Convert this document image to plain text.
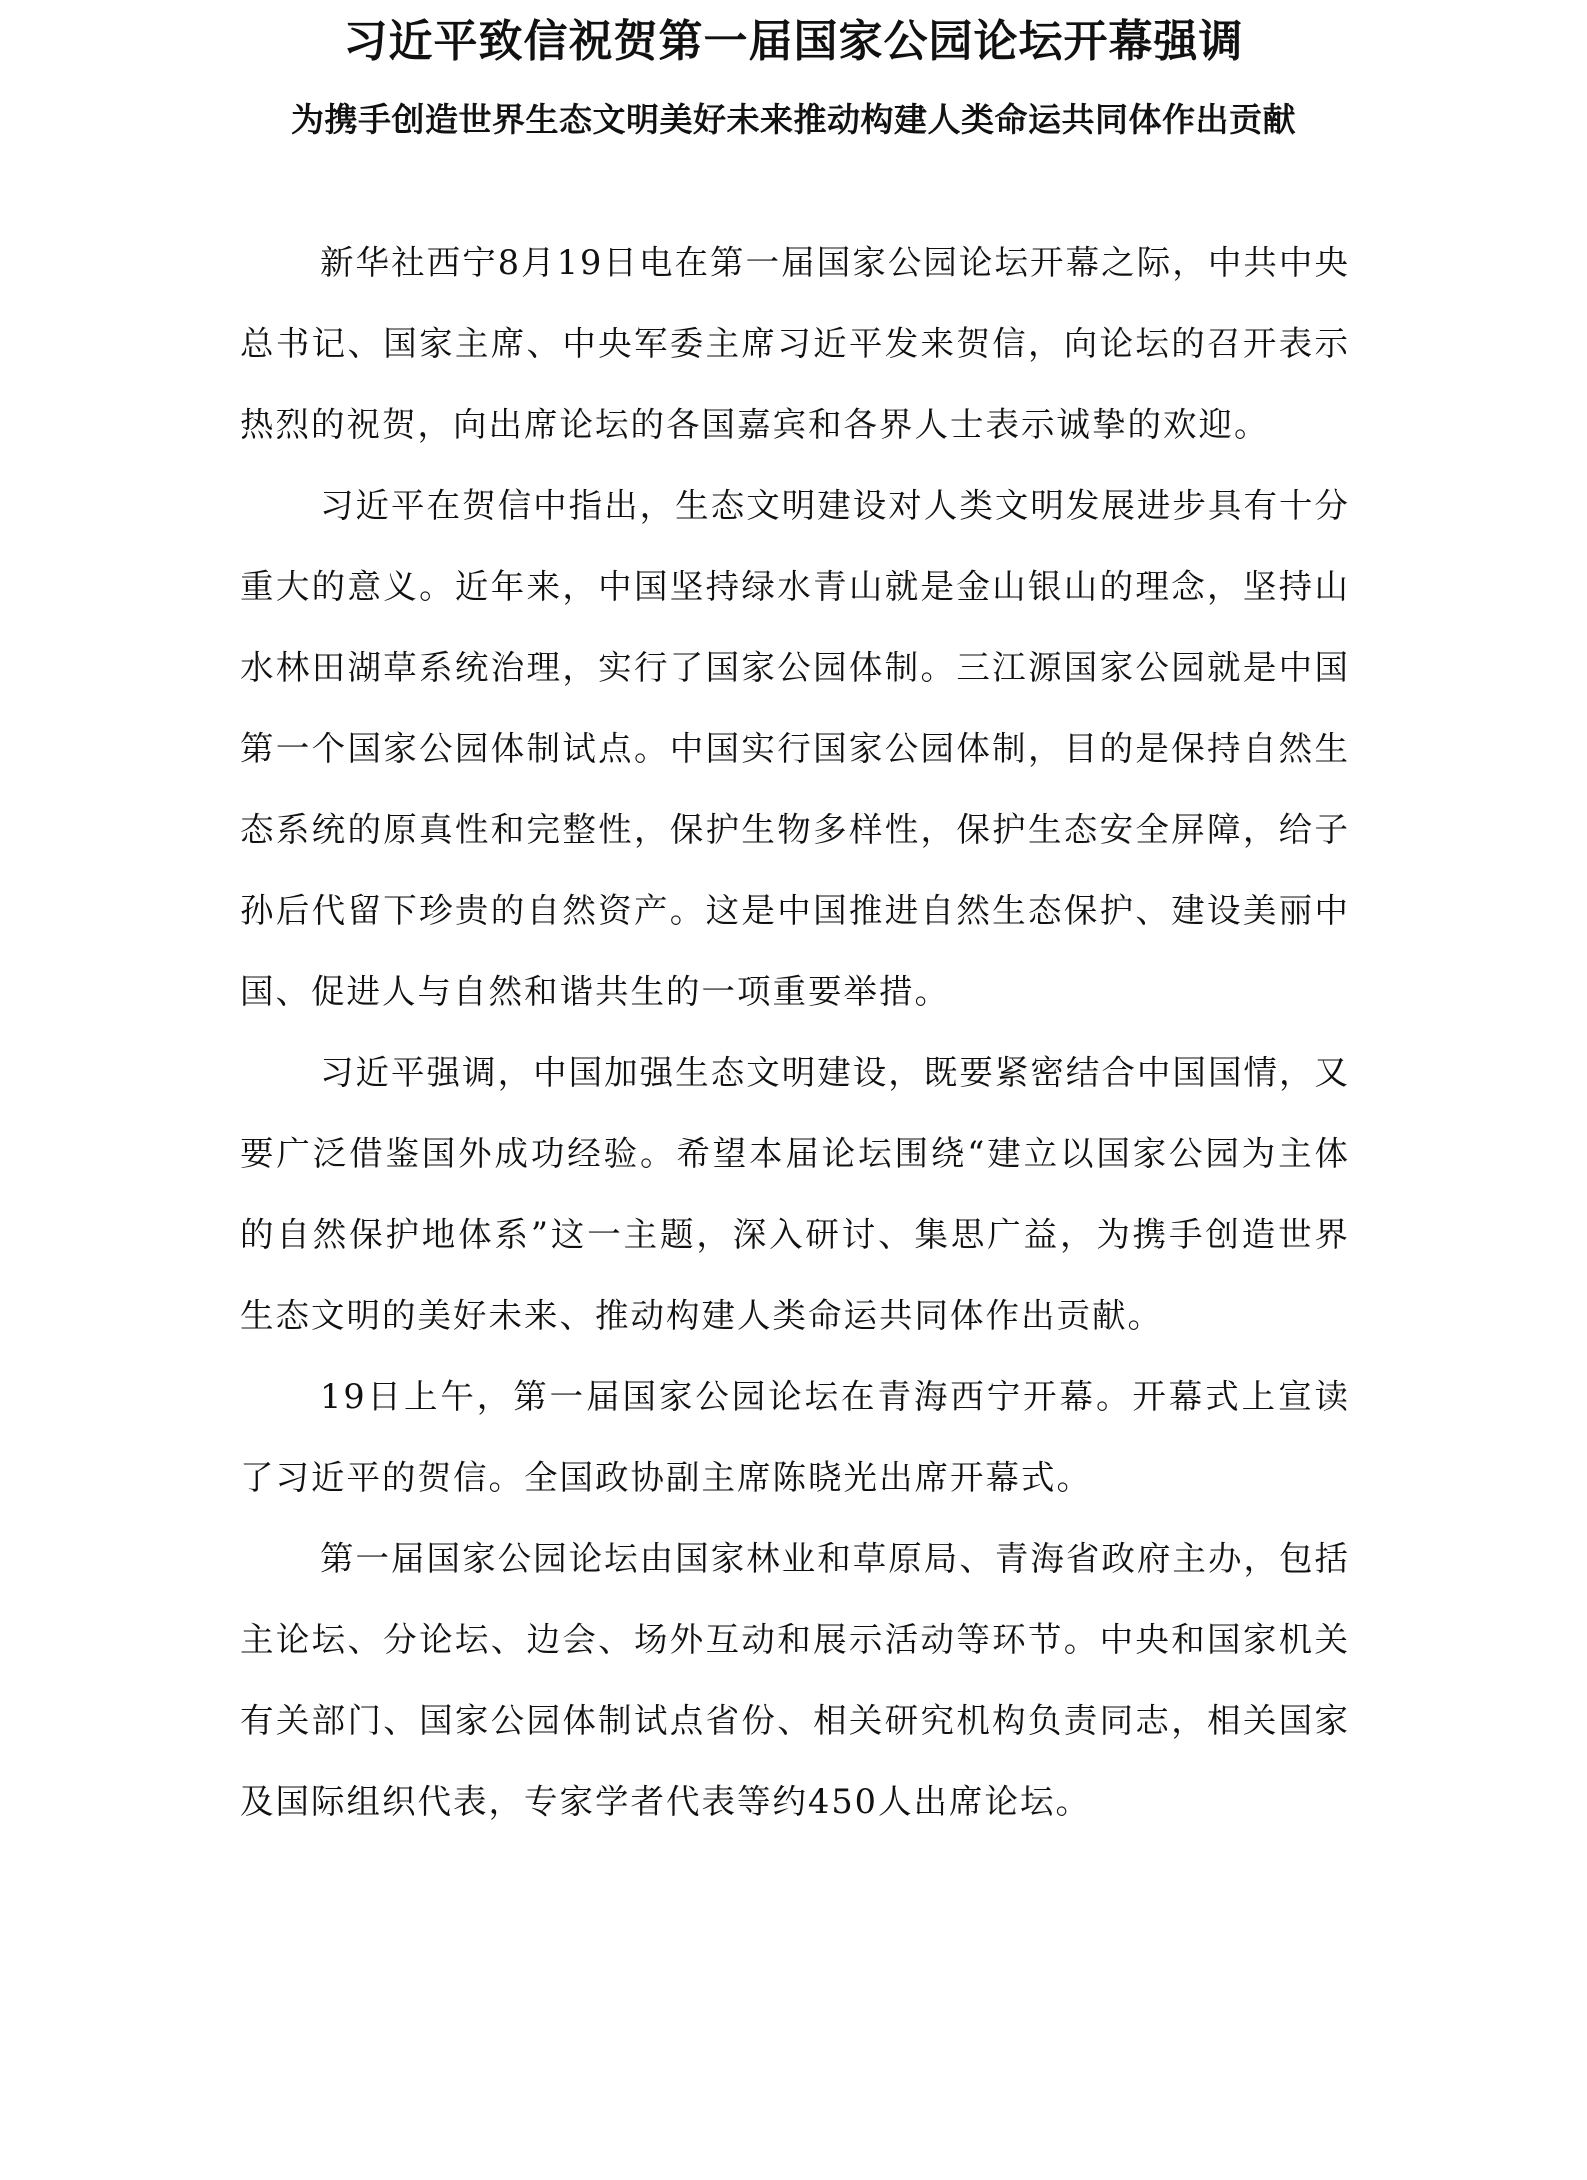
习近平致信祝贺第一届国家公园论坛开幕强调
为携手创造世界生态文明美好未来推动构建人类命运共同体作出贡献

新华社西宁8月19日电在第一届国家公园论坛开幕之际，中共中央总书记、国家主席、中央军委主席习近平发来贺信，向论坛的召开表示热烈的祝贺，向出席论坛的各国嘉宾和各界人士表示诚挚的欢迎。

习近平在贺信中指出，生态文明建设对人类文明发展进步具有十分重大的意义。近年来，中国坚持绿水青山就是金山银山的理念，坚持山水林田湖草系统治理，实行了国家公园体制。三江源国家公园就是中国第一个国家公园体制试点。中国实行国家公园体制，目的是保持自然生态系统的原真性和完整性，保护生物多样性，保护生态安全屏障，给子孙后代留下珍贵的自然资产。这是中国推进自然生态保护、建设美丽中国、促进人与自然和谐共生的一项重要举措。

习近平强调，中国加强生态文明建设，既要紧密结合中国国情，又要广泛借鉴国外成功经验。希望本届论坛围绕“建立以国家公园为主体的自然保护地体系”这一主题，深入研讨、集思广益，为携手创造世界生态文明的美好未来、推动构建人类命运共同体作出贡献。

19日上午，第一届国家公园论坛在青海西宁开幕。开幕式上宣读了习近平的贺信。全国政协副主席陈晓光出席开幕式。

第一届国家公园论坛由国家林业和草原局、青海省政府主办，包括主论坛、分论坛、边会、场外互动和展示活动等环节。中央和国家机关有关部门、国家公园体制试点省份、相关研究机构负责同志，相关国家及国际组织代表，专家学者代表等约450人出席论坛。
